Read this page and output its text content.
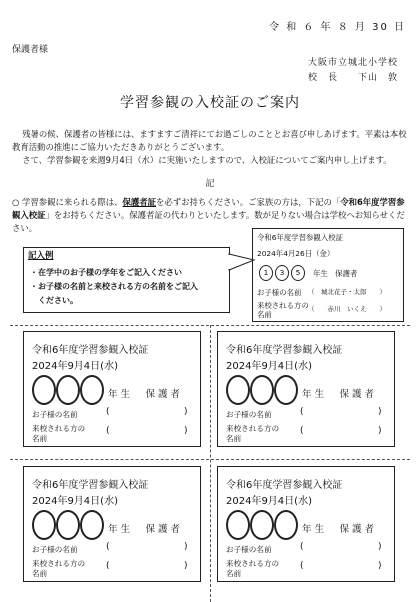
令 和 ６ 年 ８ 月 30 日
保護者様
大阪市立城北小学校
校　長　　下山　敦
学習参観の入校証のご案内
残暑の候、保護者の皆様には、ますますご清祥にてお過ごしのこととお喜び申しあげます。平素は本校教育活動の推進にご協力いただきありがとうございます。
さて、学習参観を来週9月4日（水）に実施いたしますので、入校証についてご案内申し上げます。
記
○ 学習参観に来られる際は、保護者証を必ずお持ちください。ご家族の方は，下記の「令和6年度学習参観入校証」をお持ちください。保護者証の代わりといたします。数が足りない場合は学校へお知らせください。
記入例
・在学中のお子様の学年をご記入ください
・お子様の名前と来校される方の名前をご記入
　ください。
令和6年度学習参観入校証
2024年4月26日（金）
1	3	5	年生　保護者
お子様の名前 （　城北花子・太郎　　）
来校される方の
名前
（　　赤川　いくえ　　）
令和6年度学習参観入校証
2024年9月4日(水)
年生　保護者
お子様の名前	(	)
来校される方の
名前
(	)
令和6年度学習参観入校証
2024年9月4日(水)
年生　保護者
お子様の名前	(	)
来校される方の
名前
(	)
令和6年度学習参観入校証
2024年9月4日(水)
年生　保護者
お子様の名前	(	)
来校される方の
名前
(	)
令和6年度学習参観入校証
2024年9月4日(水)
年生　保護者
お子様の名前	(	)
来校される方の
名前
(	)
